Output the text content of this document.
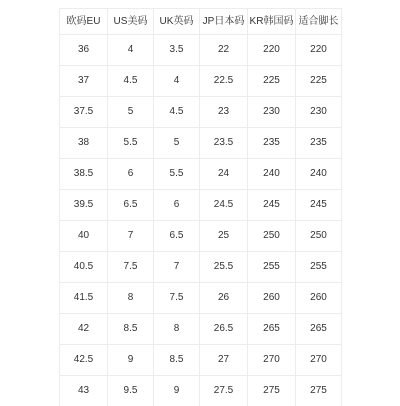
欧码EU	US美码	UK英码	JP日本码	KR韩国码	适合脚长
36	4	3.5	22	220	220
37	4.5	4	22.5	225	225
37.5	5	4.5	23	230	230
38	5.5	5	23.5	235	235
38.5	6	5.5	24	240	240
39.5	6.5	6	24.5	245	245
40	7	6.5	25	250	250
40.5	7.5	7	25.5	255	255
41.5	8	7.5	26	260	260
42	8.5	8	26.5	265	265
42.5	9	8.5	27	270	270
43	9.5	9	27.5	275	275
